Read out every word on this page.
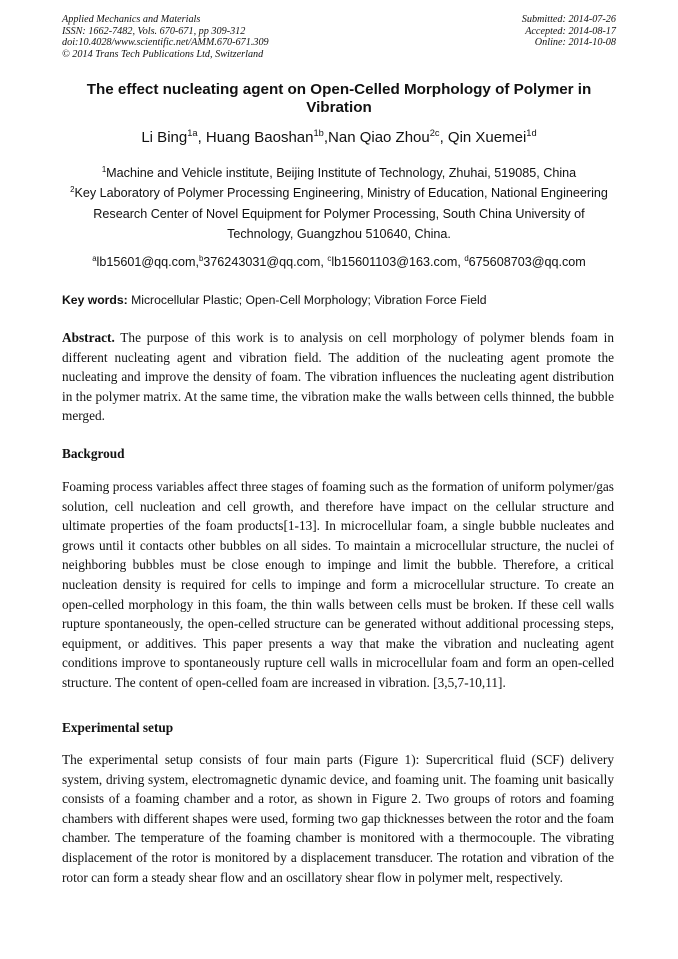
Applied Mechanics and Materials
ISSN: 1662-7482, Vols. 670-671, pp 309-312
doi:10.4028/www.scientific.net/AMM.670-671.309
© 2014 Trans Tech Publications Ltd, Switzerland
Submitted: 2014-07-26
Accepted: 2014-08-17
Online: 2014-10-08
The effect nucleating agent on Open-Celled Morphology of Polymer in Vibration
Li Bing$^{1a}$, Huang Baoshan$^{1b}$,Nan Qiao Zhou$^{2c}$, Qin Xuemei$^{1d}$

$^1$Machine and Vehicle institute, Beijing Institute of Technology, Zhuhai, 519085, China

$^2$Key Laboratory of Polymer Processing Engineering, Ministry of Education, National Engineering Research Center of Novel Equipment for Polymer Processing, South China University of Technology, Guangzhou 510640, China.

$^a$lb15601@qq.com,$^b$376243031@qq.com, $^c$lb15601103@163.com, $^d$675608703@qq.com
Key words: Microcellular Plastic; Open-Cell Morphology; Vibration Force Field

Abstract. The purpose of this work is to analysis on cell morphology of polymer blends foam in different nucleating agent and vibration field. The addition of the nucleating agent promote the nucleating and improve the density of foam. The vibration influences the nucleating agent distribution in the polymer matrix. At the same time, the vibration make the walls between cells thinned, the bubble merged.

Backgroud

Foaming process variables affect three stages of foaming such as the formation of uniform polymer/gas solution, cell nucleation and cell growth, and therefore have impact on the cellular structure and ultimate properties of the foam products[1-13]. In microcellular foam, a single bubble nucleates and grows until it contacts other bubbles on all sides. To maintain a microcellular structure, the nuclei of neighboring bubbles must be close enough to impinge and limit the bubble. Therefore, a critical nucleation density is required for cells to impinge and form a microcellular structure. To create an open-celled morphology in this foam, the thin walls between cells must be broken. If these cell walls rupture spontaneously, the open-celled structure can be generated without additional processing steps, equipment, or additives. This paper presents a way that make the vibration and nucleating agent conditions improve to spontaneously rupture cell walls in microcellular foam and form an open-celled structure. The content of open-celled foam are increased in vibration. [3,5,7-10,11].

Experimental setup

The experimental setup consists of four main parts (Figure 1): Supercritical fluid (SCF) delivery system, driving system, electromagnetic dynamic device, and foaming unit. The foaming unit basically consists of a foaming chamber and a rotor, as shown in Figure 2. Two groups of rotors and foaming chambers with different shapes were used, forming two gap thicknesses between the rotor and the foam chamber. The temperature of the foaming chamber is monitored with a thermocouple. The vibrating displacement of the rotor is monitored by a displacement transducer. The rotation and vibration of the rotor can form a steady shear flow and an oscillatory shear flow in polymer melt, respectively.
